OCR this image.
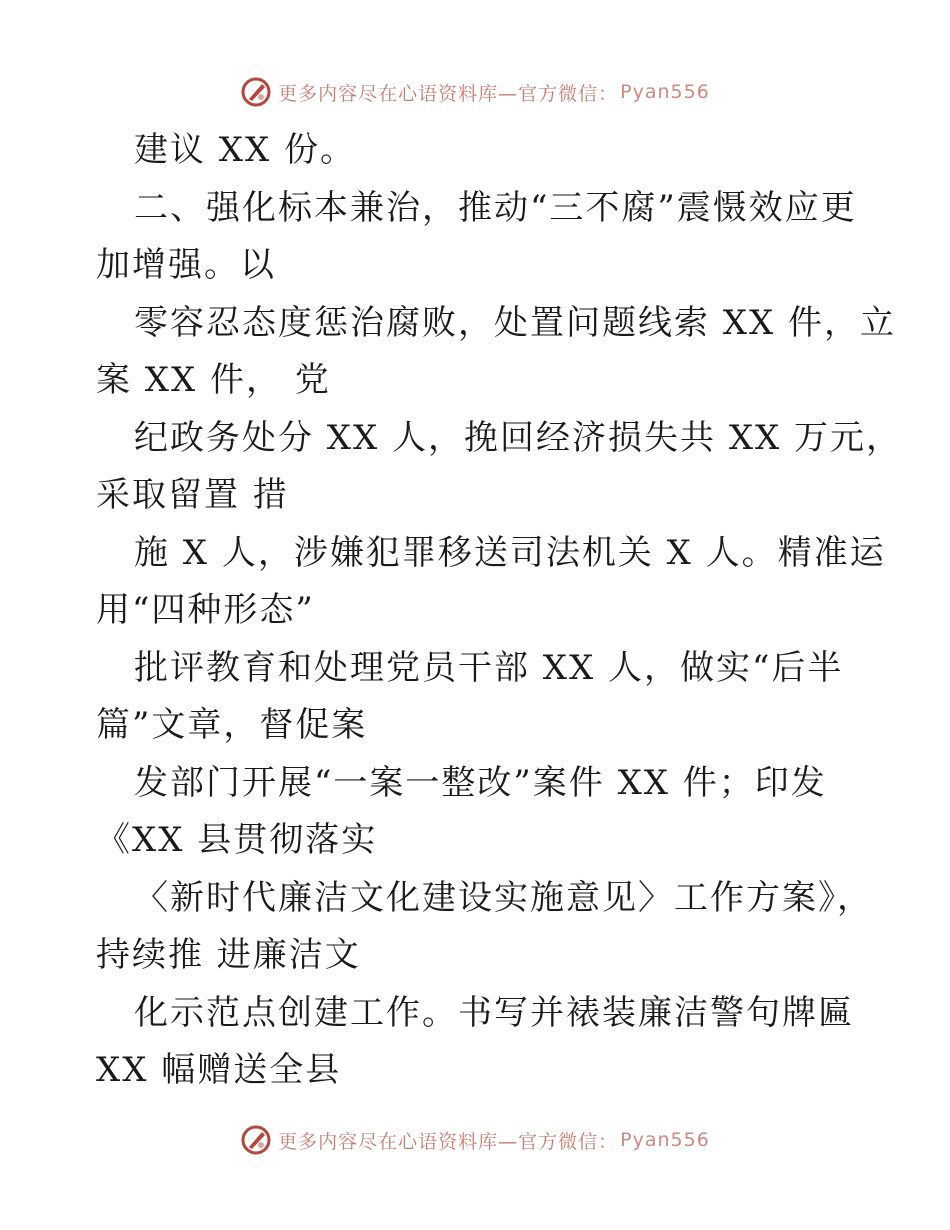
更多内容尽在心语资料库—官方微信： Pyan556
建议 XX 份。
二、强化标本兼治，推动“三不腐”震慑效应更
加增强。以
零容忍态度惩治腐败，处置问题线索 XX 件，立
案 XX 件， 党
纪政务处分 XX 人，挽回经济损失共 XX 万元，
采取留置 措
施 X 人，涉嫌犯罪移送司法机关 X 人。精准运
用“四种形态”
批评教育和处理党员干部 XX 人，做实“后半
篇”文章，督促案
发部门开展“一案一整改”案件 XX 件；印发
《XX 县贯彻落实
〈新时代廉洁文化建设实施意见〉工作方案》，
持续推 进廉洁文
化示范点创建工作。书写并裱装廉洁警句牌匾
XX 幅赠送全县
更多内容尽在心语资料库—官方微信： Pyan556
